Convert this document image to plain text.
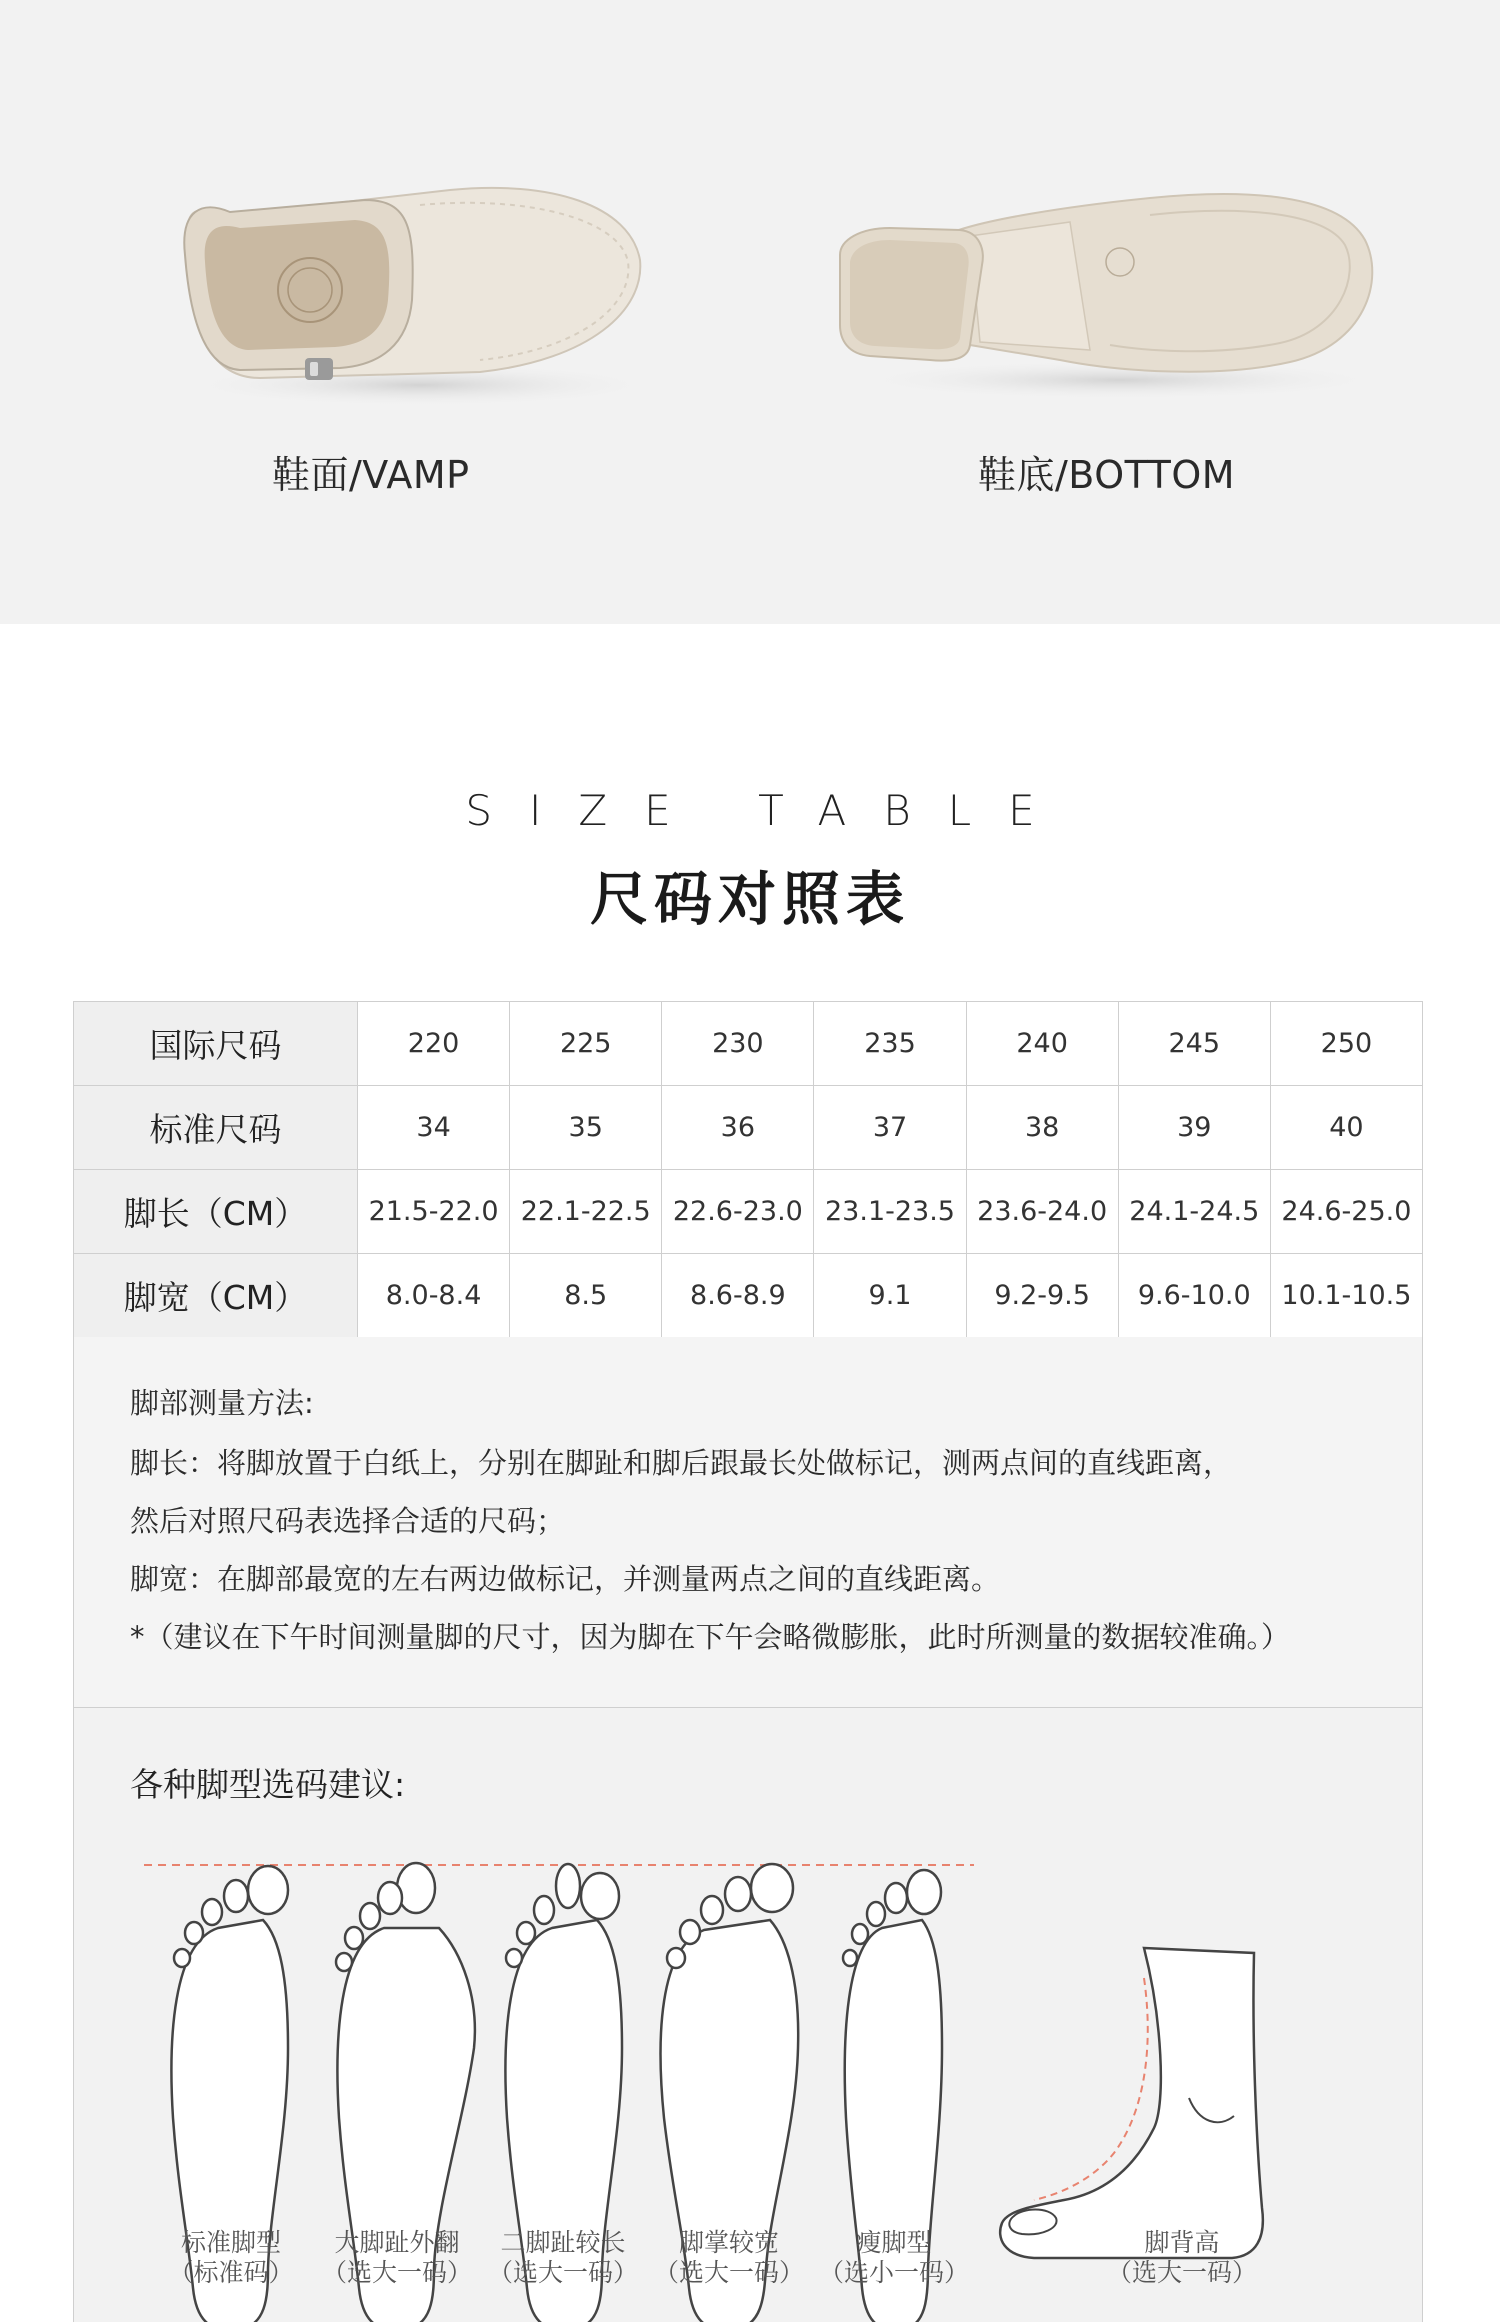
鞋面/VAMP	鞋底/BOTTOM
SIZE TABLE
尺码对照表
国际尺码	220	225	230	235	240	245	250
标准尺码	34	35	36	37	38	39	40
脚长（CM）	21.5-22.0	22.1-22.5	22.6-23.0	23.1-23.5	23.6-24.0	24.1-24.5	24.6-25.0
脚宽（CM）	8.0-8.4	8.5	8.6-8.9	9.1	9.2-9.5	9.6-10.0	10.1-10.5

脚部测量方法:

脚长：将脚放置于白纸上，分别在脚趾和脚后跟最长处做标记，测两点间的直线距离，

然后对照尺码表选择合适的尺码；

脚宽：在脚部最宽的左右两边做标记，并测量两点之间的直线距离。

*（建议在下午时间测量脚的尺寸，因为脚在下午会略微膨胀，此时所测量的数据较准确。）

各种脚型选码建议:
标准脚型
（标准码）
大脚趾外翻
（选大一码）
二脚趾较长
（选大一码）
脚掌较宽
（选大一码）
瘦脚型
（选小一码）
脚背高
（选大一码）
